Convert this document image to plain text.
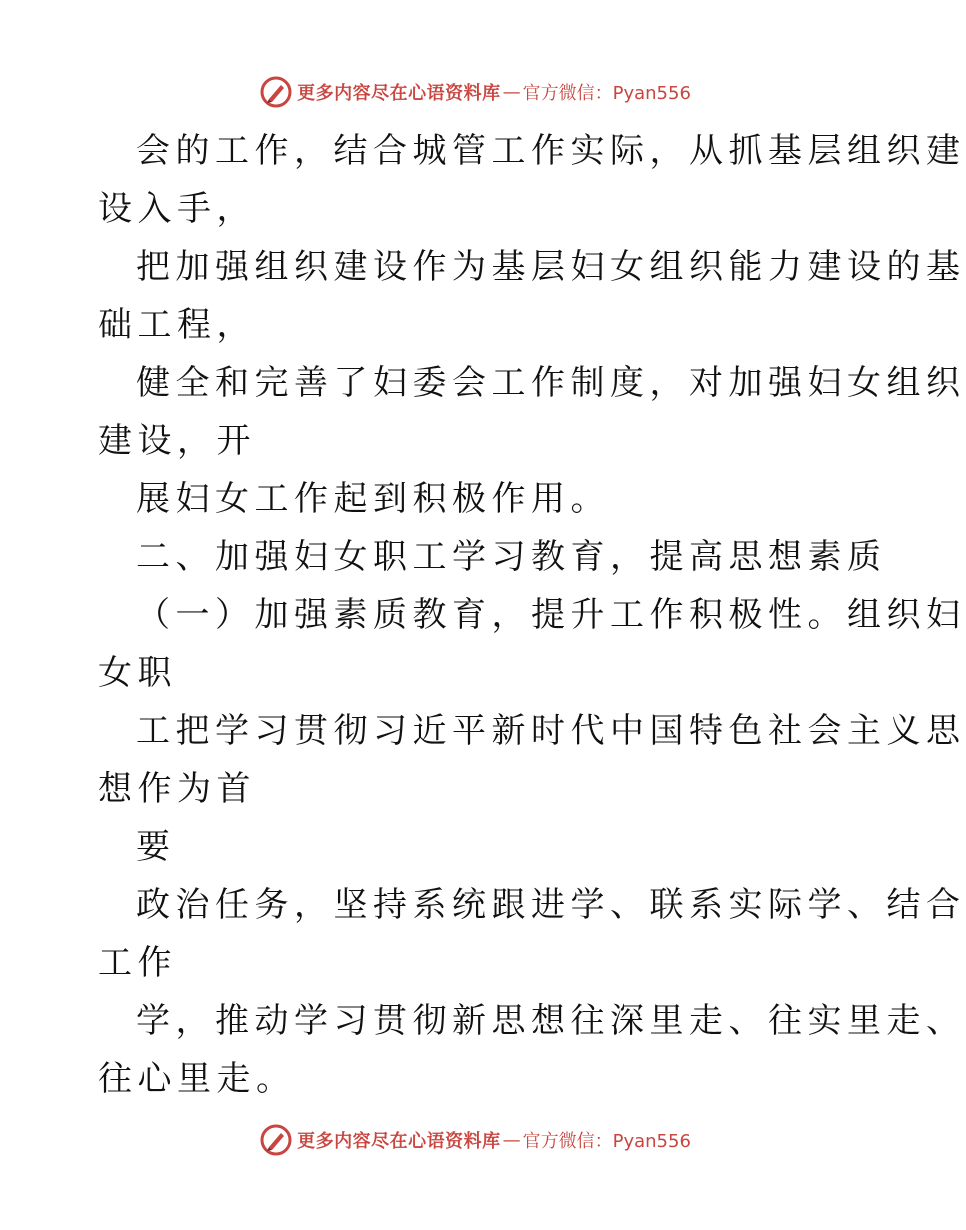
更多内容尽在心语资料库 — 官方微信：Pyan556
会的工作，结合城管工作实际，从抓基层组织建
设入手，
把加强组织建设作为基层妇女组织能力建设的基
础工程，
健全和完善了妇委会工作制度，对加强妇女组织
建设，开
展妇女工作起到积极作用。
二、加强妇女职工学习教育，提高思想素质
（一）加强素质教育，提升工作积极性。组织妇
女职
工把学习贯彻习近平新时代中国特色社会主义思
想作为首
要
政治任务，坚持系统跟进学、联系实际学、结合
工作
学，推动学习贯彻新思想往深里走、往实里走、
往心里走。
更多内容尽在心语资料库 — 官方微信：Pyan556
